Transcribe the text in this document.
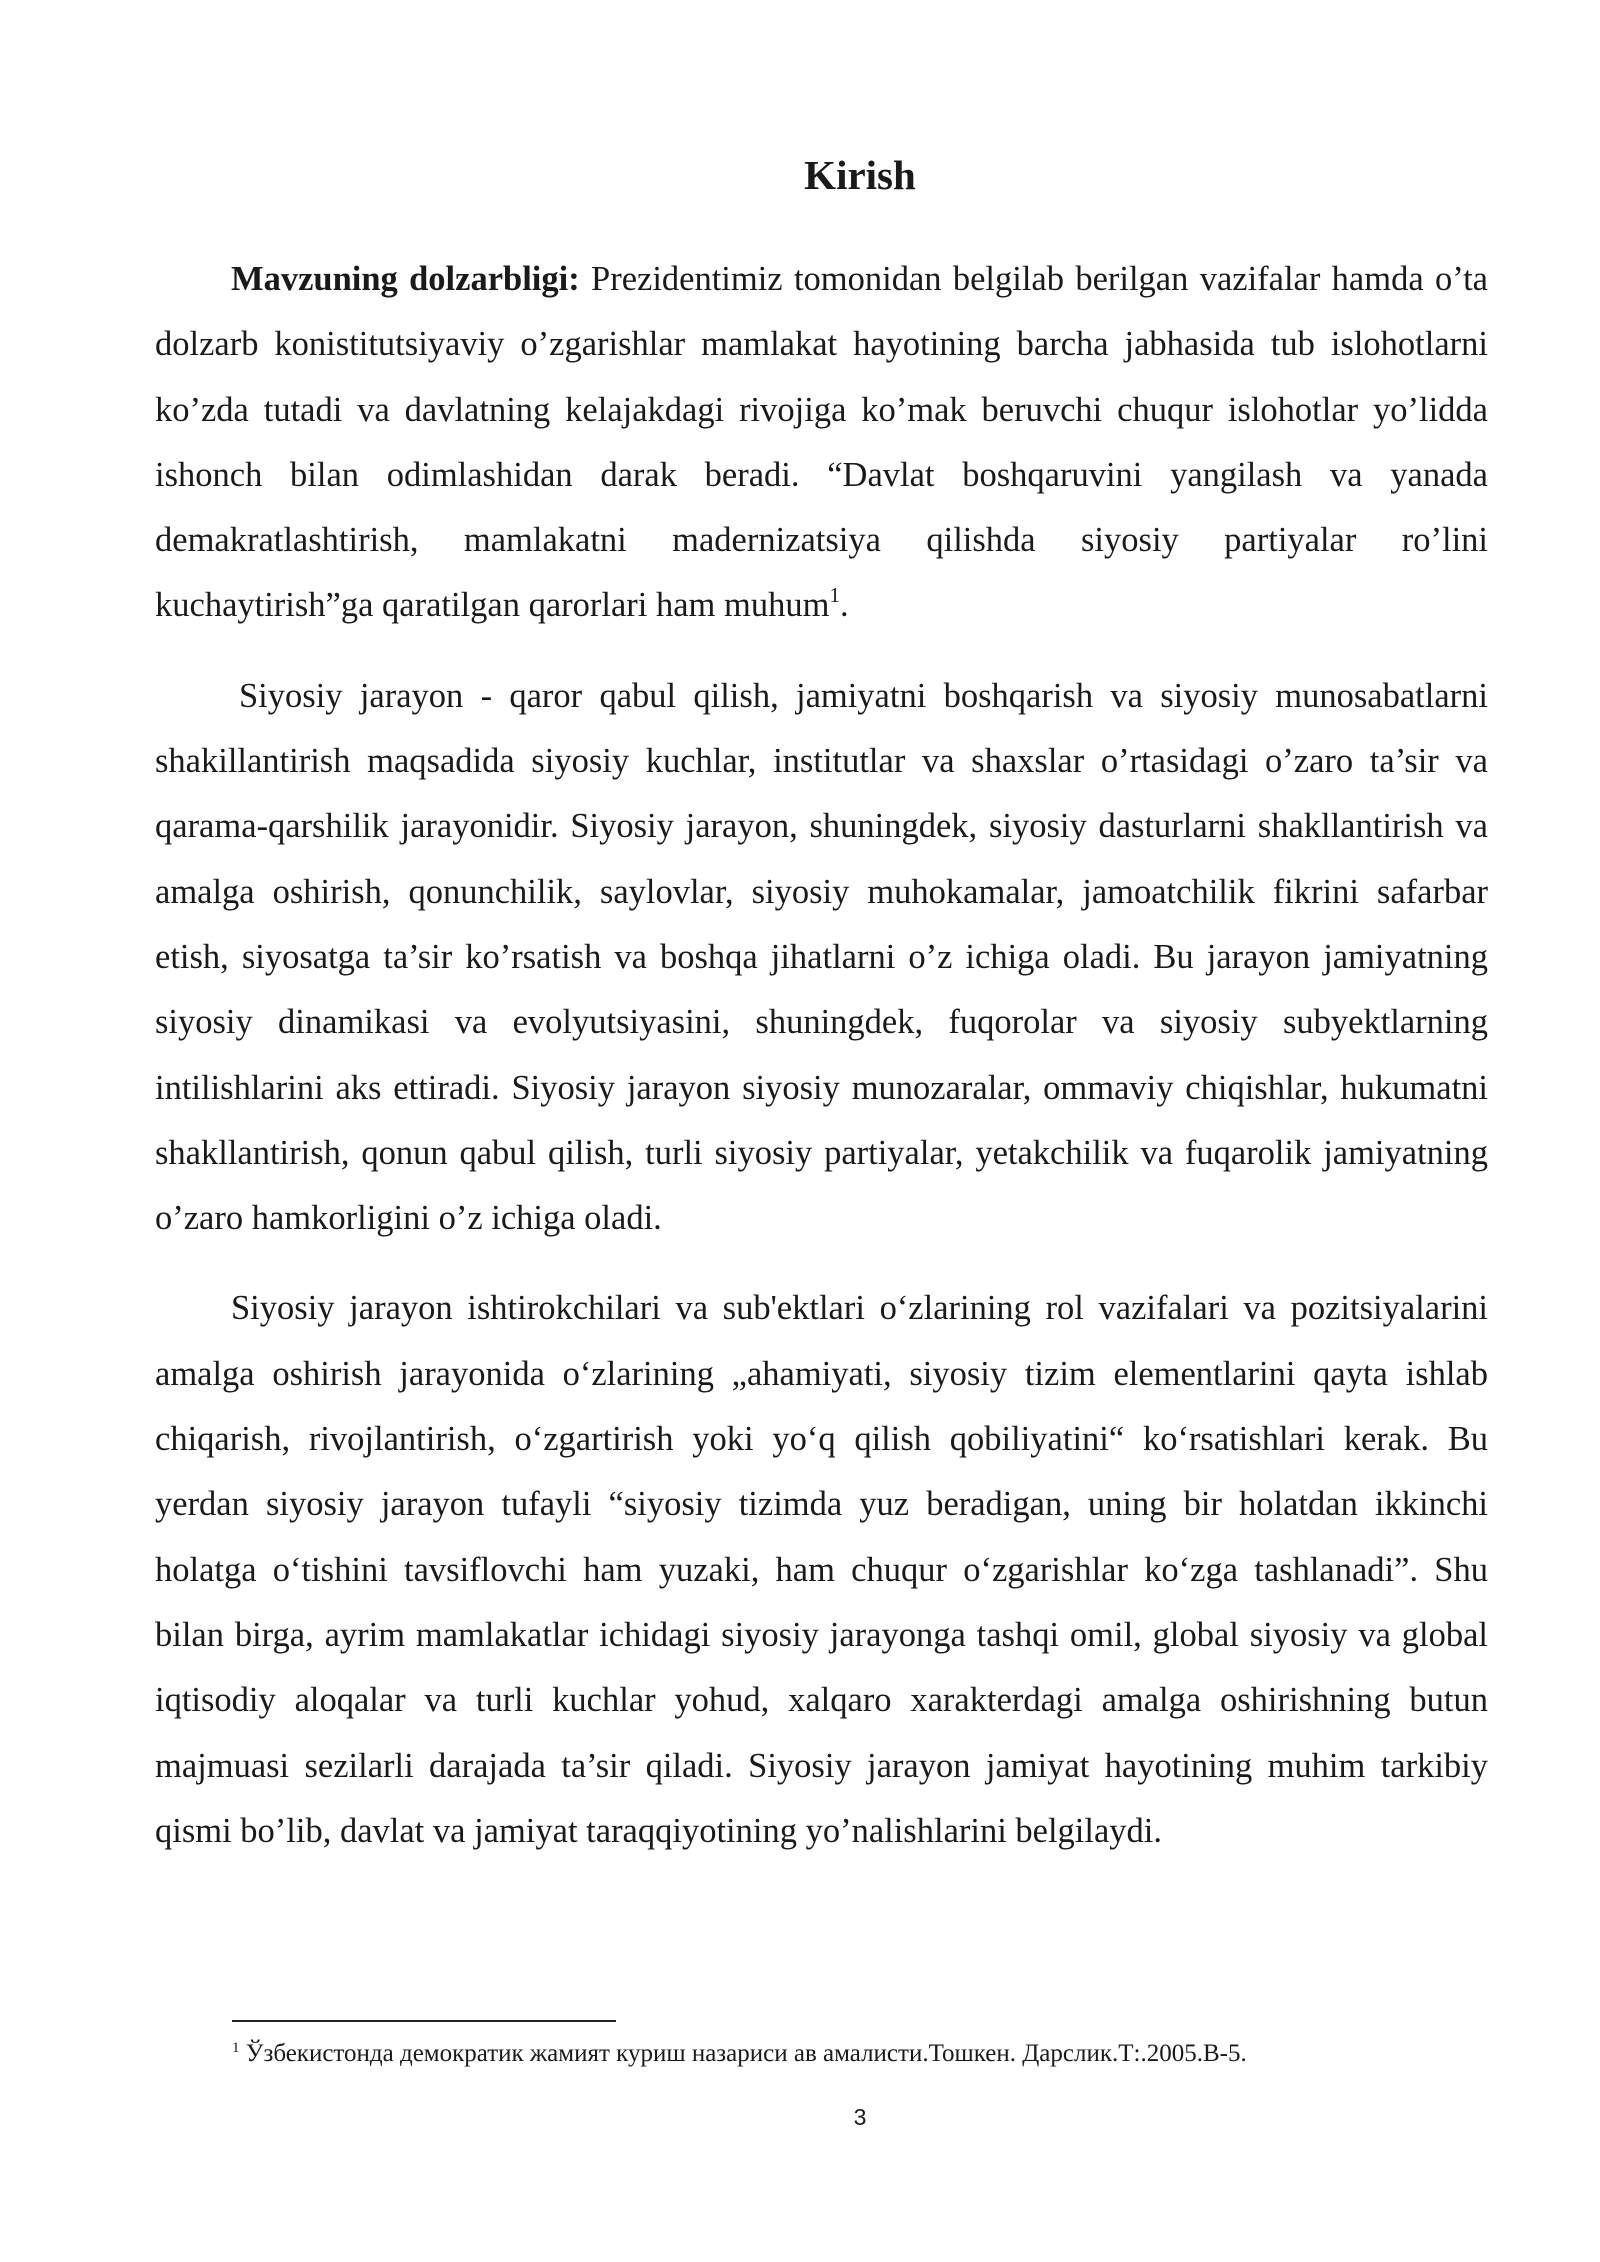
Kirish

Mavzuning dolzarbligi: Prezidentimiz tomonidan belgilab berilgan vazifalar hamda o’ta dolzarb konistitutsiyaviy o’zgarishlar mamlakat hayotining barcha jabhasida tub islohotlarni ko’zda tutadi va davlatning kelajakdagi rivojiga ko’mak beruvchi chuqur islohotlar yo’lidda ishonch bilan odimlashidan darak beradi. “Davlat boshqaruvini yangilash va yanada demakratlashtirish, mamlakatni madernizatsiya qilishda siyosiy partiyalar ro’lini kuchaytirish”ga qaratilgan qarorlari ham muhum$^1$.

Siyosiy jarayon - qaror qabul qilish, jamiyatni boshqarish va siyosiy munosabatlarni shakillantirish maqsadida siyosiy kuchlar, institutlar va shaxslar o’rtasidagi o’zaro ta’sir va qarama-qarshilik jarayonidir. Siyosiy jarayon, shuningdek, siyosiy dasturlarni shakllantirish va amalga oshirish, qonunchilik, saylovlar, siyosiy muhokamalar, jamoatchilik fikrini safarbar etish, siyosatga ta’sir ko’rsatish va boshqa jihatlarni o’z ichiga oladi. Bu jarayon jamiyatning siyosiy dinamikasi va evolyutsiyasini, shuningdek, fuqorolar va siyosiy subyektlarning intilishlarini aks ettiradi. Siyosiy jarayon siyosiy munozaralar, ommaviy chiqishlar, hukumatni shakllantirish, qonun qabul qilish, turli siyosiy partiyalar, yetakchilik va fuqarolik jamiyatning o’zaro hamkorligini o’z ichiga oladi.

Siyosiy jarayon ishtirokchilari va sub'ektlari o‘zlarining rol vazifalari va pozitsiyalarini amalga oshirish jarayonida o‘zlarining „ahamiyati, siyosiy tizim elementlarini qayta ishlab chiqarish, rivojlantirish, o‘zgartirish yoki yo‘q qilish qobiliyatini“ ko‘rsatishlari kerak. Bu yerdan siyosiy jarayon tufayli “siyosiy tizimda yuz beradigan, uning bir holatdan ikkinchi holatga o‘tishini tavsiflovchi ham yuzaki, ham chuqur o‘zgarishlar ko‘zga tashlanadi”. Shu bilan birga, ayrim mamlakatlar ichidagi siyosiy jarayonga tashqi omil, global siyosiy va global iqtisodiy aloqalar va turli kuchlar yohud, xalqaro xarakterdagi amalga oshirishning butun majmuasi sezilarli darajada ta’sir qiladi. Siyosiy jarayon jamiyat hayotining muhim tarkibiy qismi bo’lib, davlat va jamiyat taraqqiyotining yo’nalishlarini belgilaydi.

$^1$ Ўзбекистонда демократик жамият куриш назариси ав амалисти.Тошкен. Дарслик.Т:.2005.В-5.
3
